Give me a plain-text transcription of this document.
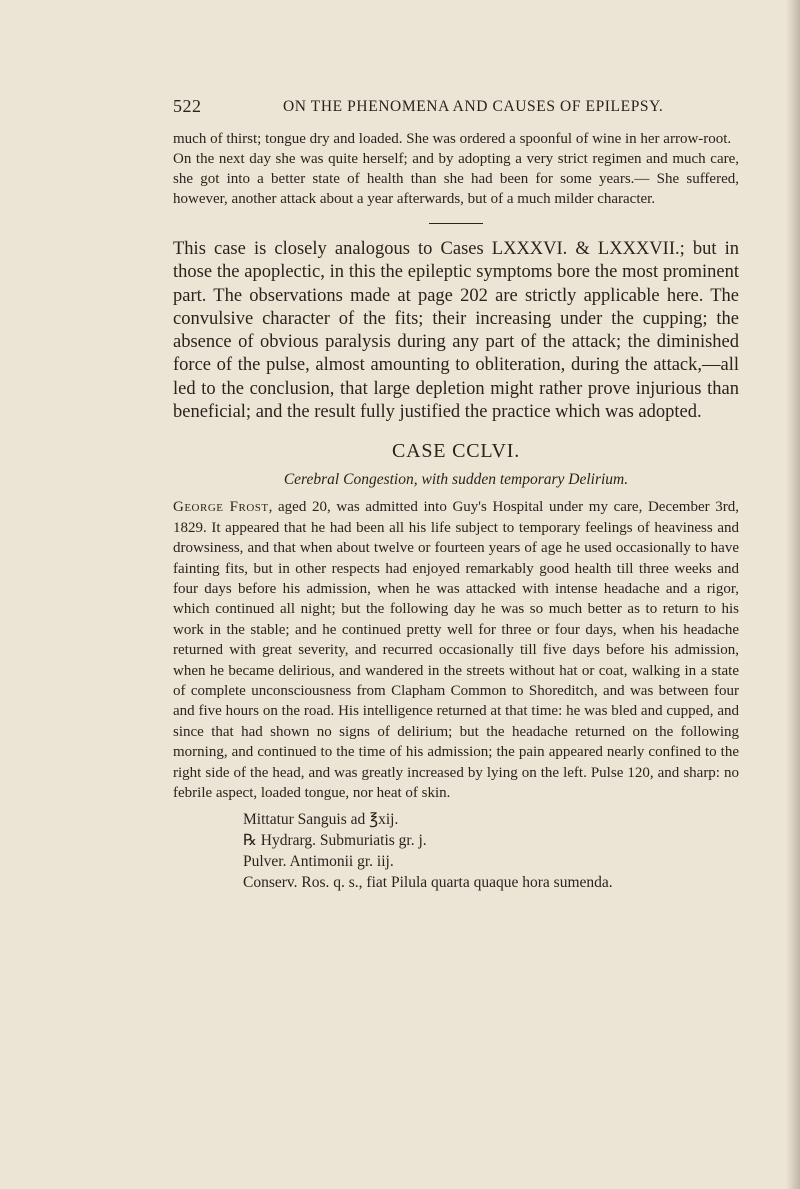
522	ON THE PHENOMENA AND CAUSES OF EPILEPSY.

much of thirst; tongue dry and loaded. She was ordered a spoonful of wine in her arrow-root.

On the next day she was quite herself; and by adopting a very strict regimen and much care, she got into a better state of health than she had been for some years.— She suffered, however, another attack about a year afterwards, but of a much milder character.

This case is closely analogous to Cases LXXXVI. & LXXXVII.; but in those the apoplectic, in this the epileptic symptoms bore the most prominent part. The observations made at page 202 are strictly applicable here. The convulsive character of the fits; their increasing under the cupping; the absence of obvious paralysis during any part of the attack; the diminished force of the pulse, almost amounting to obliteration, during the attack,—all led to the conclusion, that large depletion might rather prove injurious than beneficial; and the result fully justified the practice which was adopted.

CASE CCLVI.
Cerebral Congestion, with sudden temporary Delirium.

George Frost, aged 20, was admitted into Guy's Hospital under my care, December 3rd, 1829. It appeared that he had been all his life subject to temporary feelings of heaviness and drowsiness, and that when about twelve or fourteen years of age he used occasionally to have fainting fits, but in other respects had enjoyed remarkably good health till three weeks and four days before his admission, when he was attacked with intense headache and a rigor, which continued all night; but the following day he was so much better as to return to his work in the stable; and he continued pretty well for three or four days, when his headache returned with great severity, and recurred occasionally till five days before his admission, when he became delirious, and wandered in the streets without hat or coat, walking in a state of complete unconsciousness from Clapham Common to Shoreditch, and was between four and five hours on the road. His intelligence returned at that time: he was bled and cupped, and since that had shown no signs of delirium; but the headache returned on the following morning, and continued to the time of his admission; the pain appeared nearly confined to the right side of the head, and was greatly increased by lying on the left. Pulse 120, and sharp: no febrile aspect, loaded tongue, nor heat of skin.

Mittatur Sanguis ad ℥xij.
℞ Hydrarg. Submuriatis gr. j.
Pulver. Antimonii gr. iij.
Conserv. Ros. q. s., fiat Pilula quarta quaque hora sumenda.
